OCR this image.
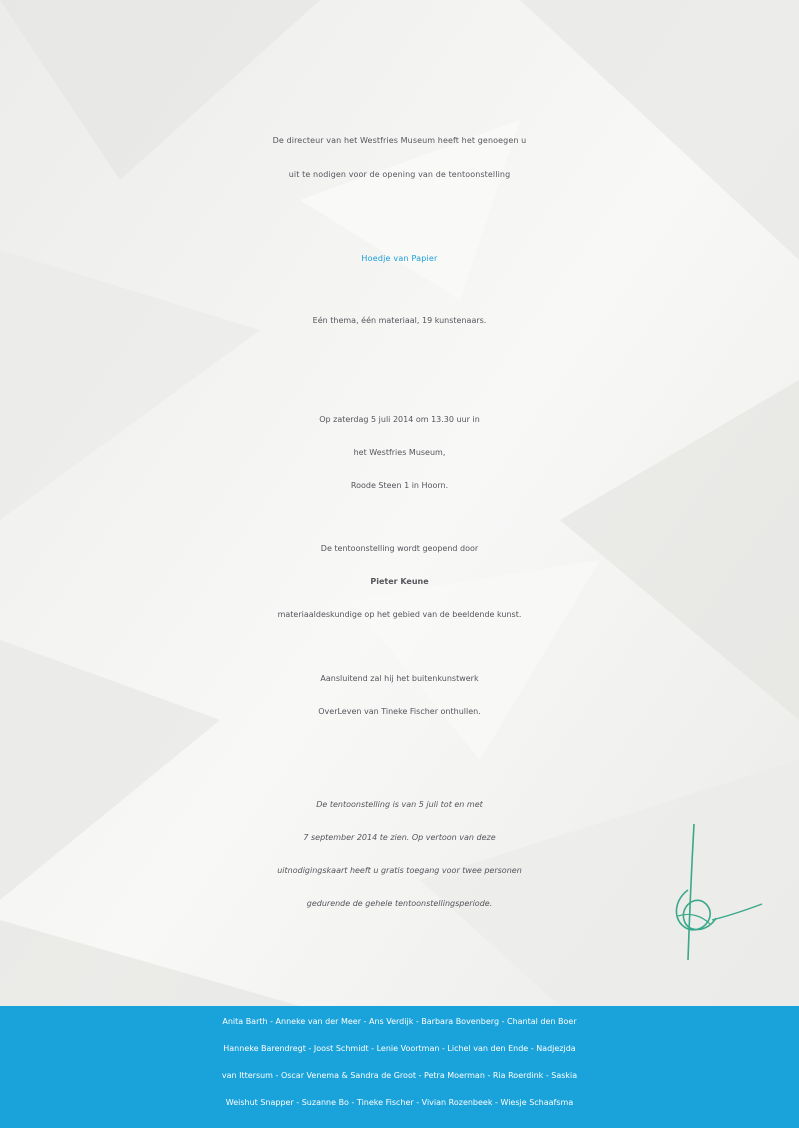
De directeur van het Westfries Museum heeft het genoegen u
uit te nodigen voor de opening van de tentoonstelling
Hoedje van Papier
Eén thema, één materiaal, 19 kunstenaars.
Op zaterdag 5 juli 2014 om 13.30 uur in
het Westfries Museum,
Roode Steen 1 in Hoorn.
De tentoonstelling wordt geopend door
Pieter Keune
materiaaldeskundige op het gebied van de beeldende kunst.
Aansluitend zal hij het buitenkunstwerk
OverLeven van Tineke Fischer onthullen.
De tentoonstelling is van 5 juli tot en met
7 september 2014 te zien. Op vertoon van deze
uitnodigingskaart heeft u gratis toegang voor twee personen
gedurende de gehele tentoonstellingsperiode.
Anita Barth - Anneke van der Meer - Ans Verdijk - Barbara Bovenberg - Chantal den Boer
Hanneke Barendregt - Joost Schmidt - Lenie Voortman - Lichel van den Ende - Nadjezjda
van Ittersum - Oscar Venema & Sandra de Groot - Petra Moerman - Ria Roerdink - Saskia
Weishut Snapper - Suzanne Bo - Tineke Fischer - Vivian Rozenbeek - Wiesje Schaafsma
